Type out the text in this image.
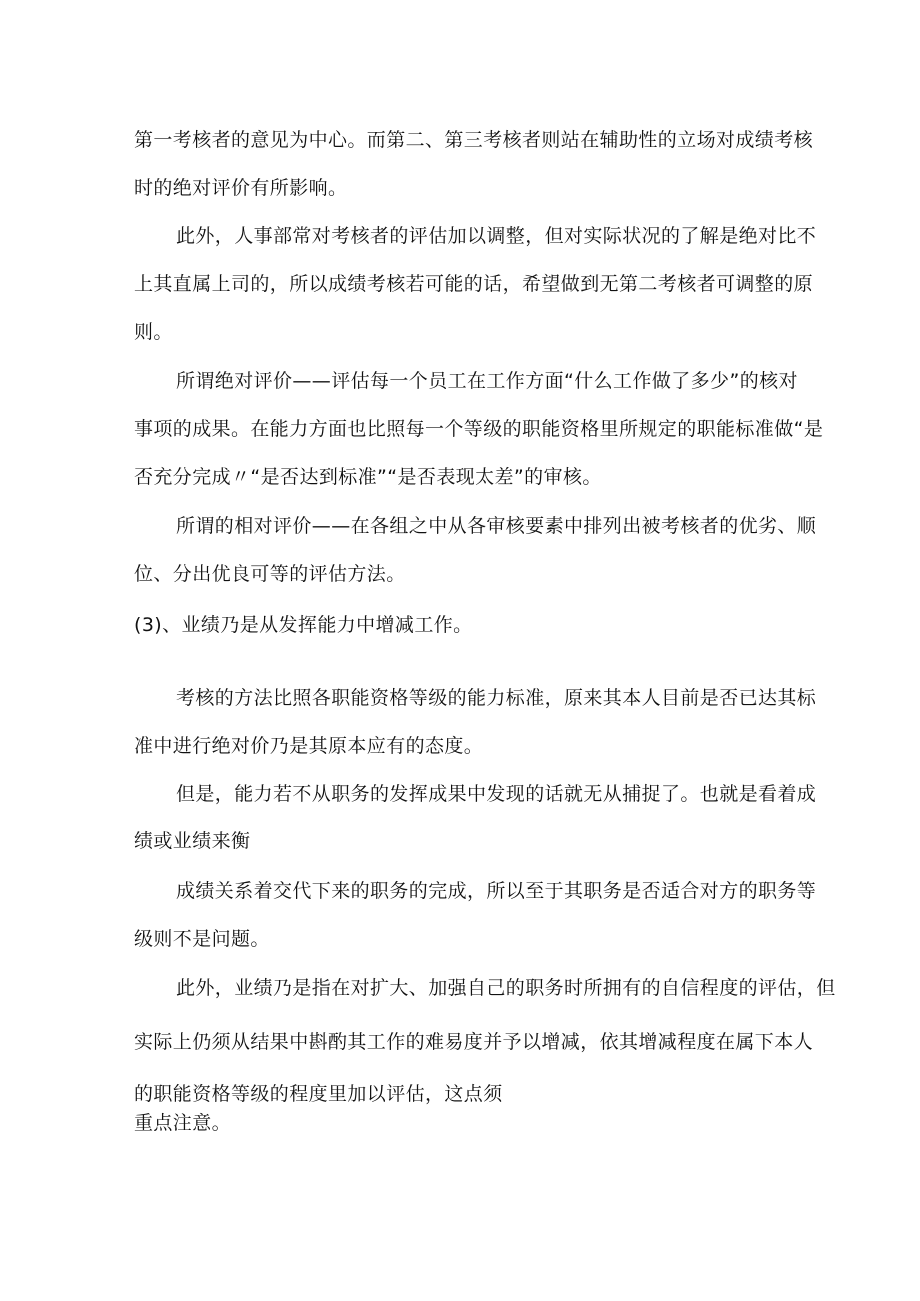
第一考核者的意见为中心。而第二、第三考核者则站在辅助性的立场对成绩考核
时的绝对评价有所影响。
此外，人事部常对考核者的评估加以调整，但对实际状况的了解是绝对比不
上其直属上司的，所以成绩考核若可能的话，希望做到无第二考核者可调整的原
则。
所谓绝对评价——评估每一个员工在工作方面“什么工作做了多少”的核对
事项的成果。在能力方面也比照每一个等级的职能资格里所规定的职能标准做“是
否充分完成〃“是否达到标准”“是否表现太差”的审核。
所谓的相对评价——在各组之中从各审核要素中排列出被考核者的优劣、顺
位、分出优良可等的评估方法。
(3)、业绩乃是从发挥能力中增减工作。
考核的方法比照各职能资格等级的能力标准，原来其本人目前是否已达其标
准中进行绝对价乃是其原本应有的态度。
但是，能力若不从职务的发挥成果中发现的话就无从捕捉了。也就是看着成
绩或业绩来衡
成绩关系着交代下来的职务的完成，所以至于其职务是否适合对方的职务等
级则不是问题。
此外，业绩乃是指在对扩大、加强自己的职务时所拥有的自信程度的评估，但
实际上仍须从结果中斟酌其工作的难易度并予以增减，依其增减程度在属下本人
的职能资格等级的程度里加以评估，这点须
重点注意。
